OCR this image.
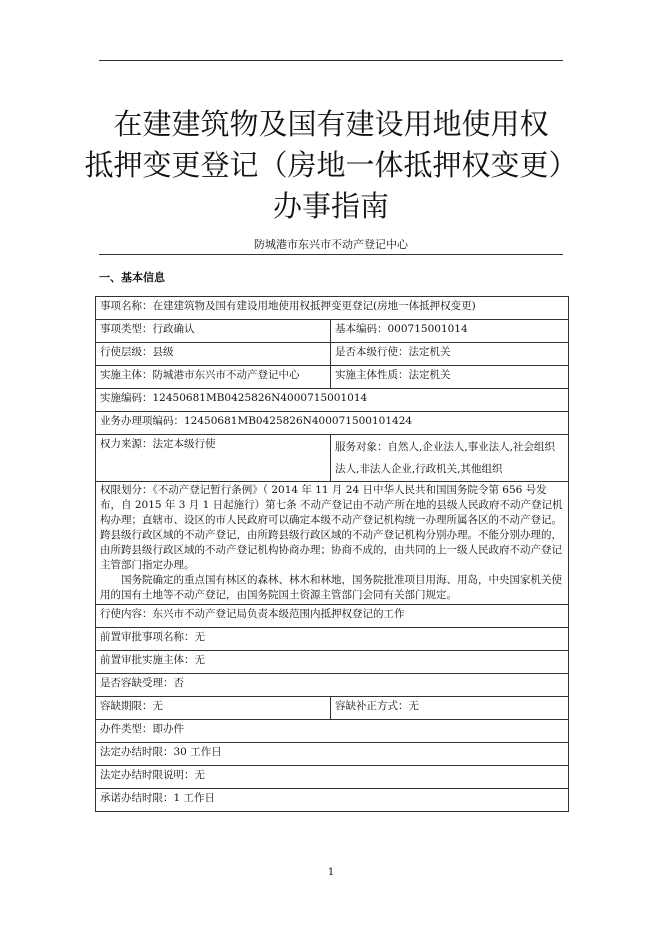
在建建筑物及国有建设用地使用权
抵押变更登记（房地一体抵押权变更）
办事指南
防城港市东兴市不动产登记中心
一、基本信息
事项名称：在建建筑物及国有建设用地使用权抵押变更登记(房地一体抵押权变更)	
事项类型：行政确认	基本编码：000715001014
行使层级：县级	是否本级行使：法定机关
实施主体：防城港市东兴市不动产登记中心	实施主体性质：法定机关
实施编码：12450681MB0425826N4000715001014	
业务办理项编码：12450681MB0425826N400071500101424	
权力来源：法定本级行使	服务对象：自然人,企业法人,事业法人,社会组织法人,非法人企业,行政机关,其他组织

权限划分：《不动产登记暂行条例》（ 2014 年 11 月 24 日中华人民共和国国务院令第 656 号发布，自 2015 年 3 月 1 日起施行）第七条 不动产登记由不动产所在地的县级人民政府不动产登记机构办理；直辖市、设区的市人民政府可以确定本级不动产登记机构统一办理所属各区的不动产登记。
跨县级行政区域的不动产登记，由所跨县级行政区域的不动产登记机构分别办理。不能分别办理的，由所跨县级行政区域的不动产登记机构协商办理；协商不成的，由共同的上一级人民政府不动产登记主管部门指定办理。
国务院确定的重点国有林区的森林、林木和林地，国务院批准项目用海、用岛，中央国家机关使用的国有土地等不动产登记，由国务院国土资源主管部门会同有关部门规定。	

行使内容：东兴市不动产登记局负责本级范围内抵押权登记的工作	
前置审批事项名称：无	
前置审批实施主体：无	
是否容缺受理：否	
容缺期限：无	容缺补正方式：无
办件类型：即办件	
法定办结时限：30 工作日	
法定办结时限说明：无	
承诺办结时限：1 工作日	
1
